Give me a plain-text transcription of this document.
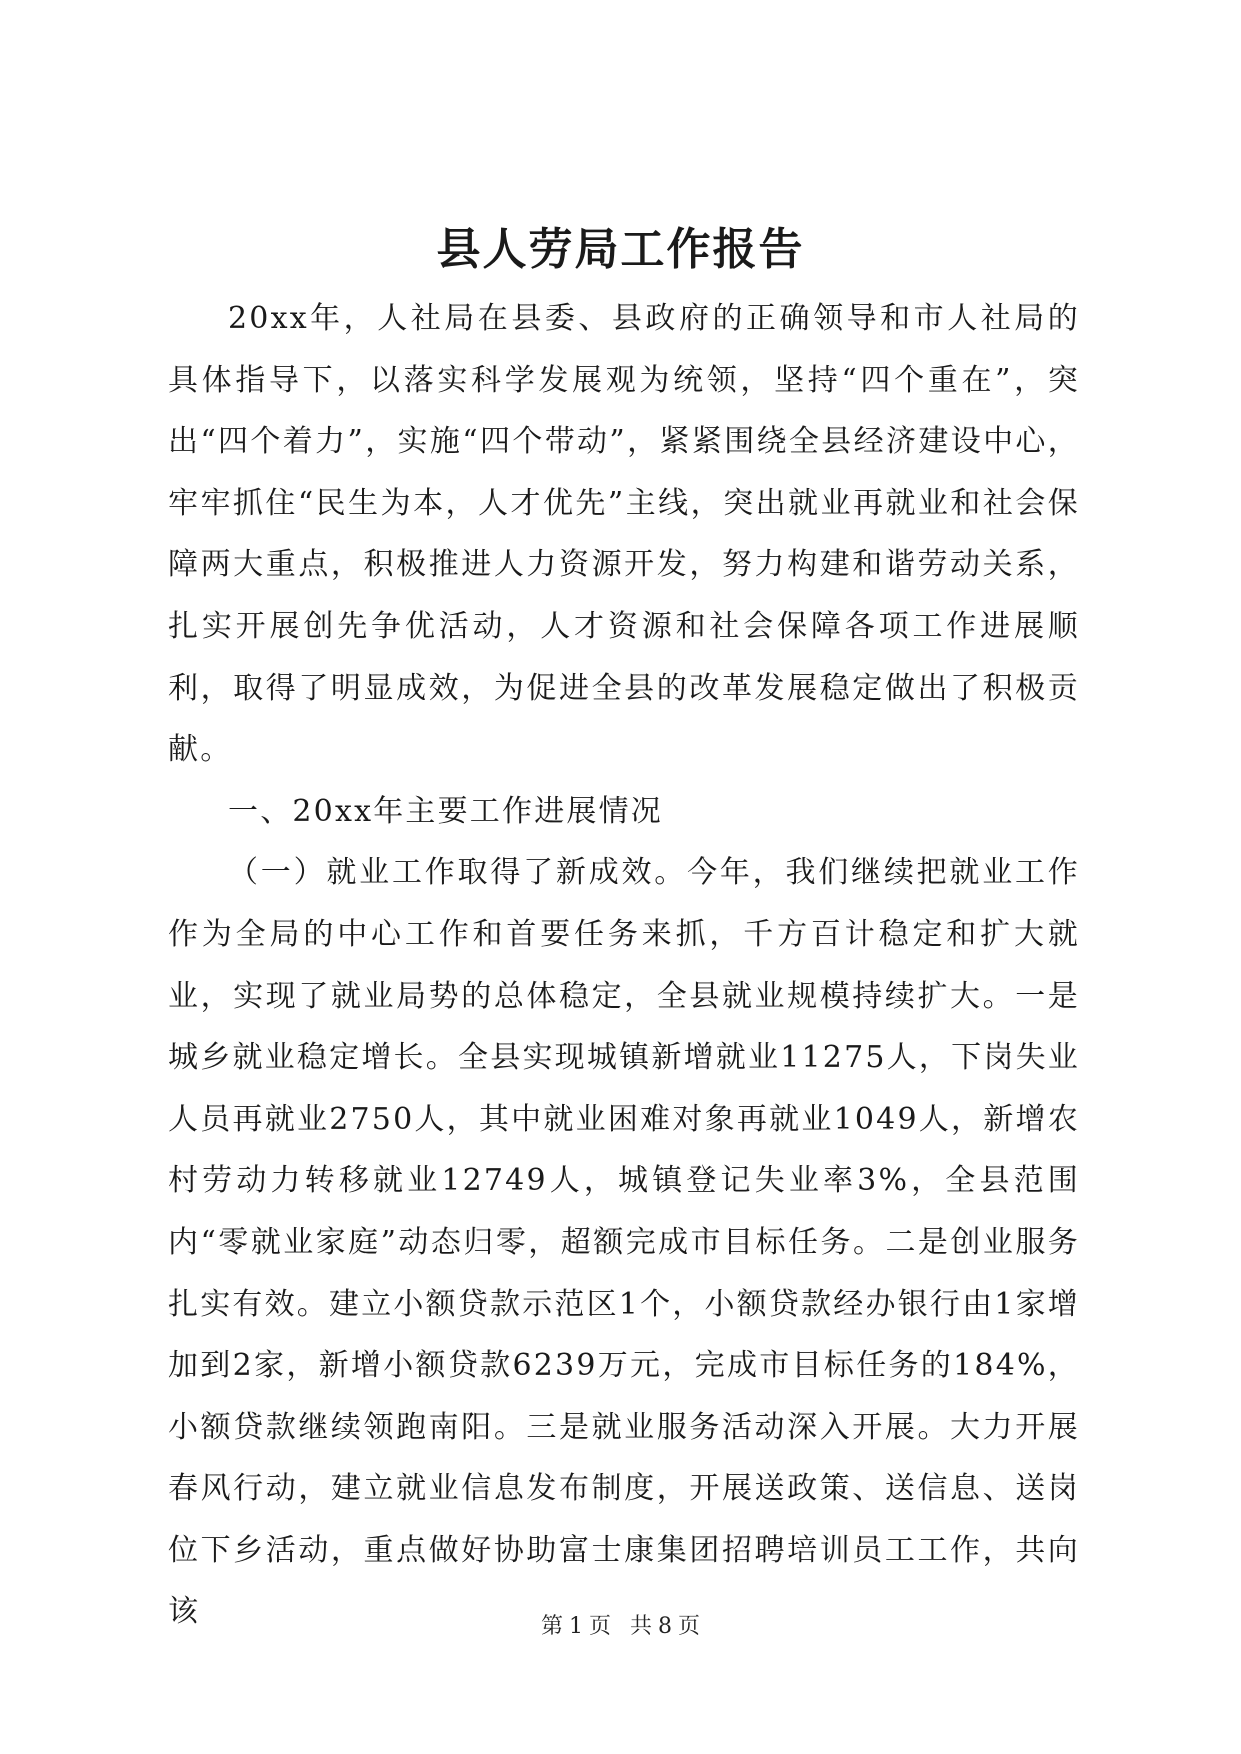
县人劳局工作报告

20xx年，人社局在县委、县政府的正确领导和市人社局的具体指导下，以落实科学发展观为统领，坚持“四个重在”，突出“四个着力”，实施“四个带动”，紧紧围绕全县经济建设中心，牢牢抓住“民生为本，人才优先”主线，突出就业再就业和社会保障两大重点，积极推进人力资源开发，努力构建和谐劳动关系，扎实开展创先争优活动，人才资源和社会保障各项工作进展顺利，取得了明显成效，为促进全县的改革发展稳定做出了积极贡献。

一、20xx年主要工作进展情况

（一）就业工作取得了新成效。今年，我们继续把就业工作作为全局的中心工作和首要任务来抓，千方百计稳定和扩大就业，实现了就业局势的总体稳定，全县就业规模持续扩大。一是城乡就业稳定增长。全县实现城镇新增就业11275人，下岗失业人员再就业2750人，其中就业困难对象再就业1049人，新增农村劳动力转移就业12749人，城镇登记失业率3%，全县范围内“零就业家庭”动态归零，超额完成市目标任务。二是创业服务扎实有效。建立小额贷款示范区1个，小额贷款经办银行由1家增加到2家，新增小额贷款6239万元，完成市目标任务的184%，小额贷款继续领跑南阳。三是就业服务活动深入开展。大力开展春风行动，建立就业信息发布制度，开展送政策、送信息、送岗位下乡活动，重点做好协助富士康集团招聘培训员工工作，共向该	第 1 页 共 8 页
